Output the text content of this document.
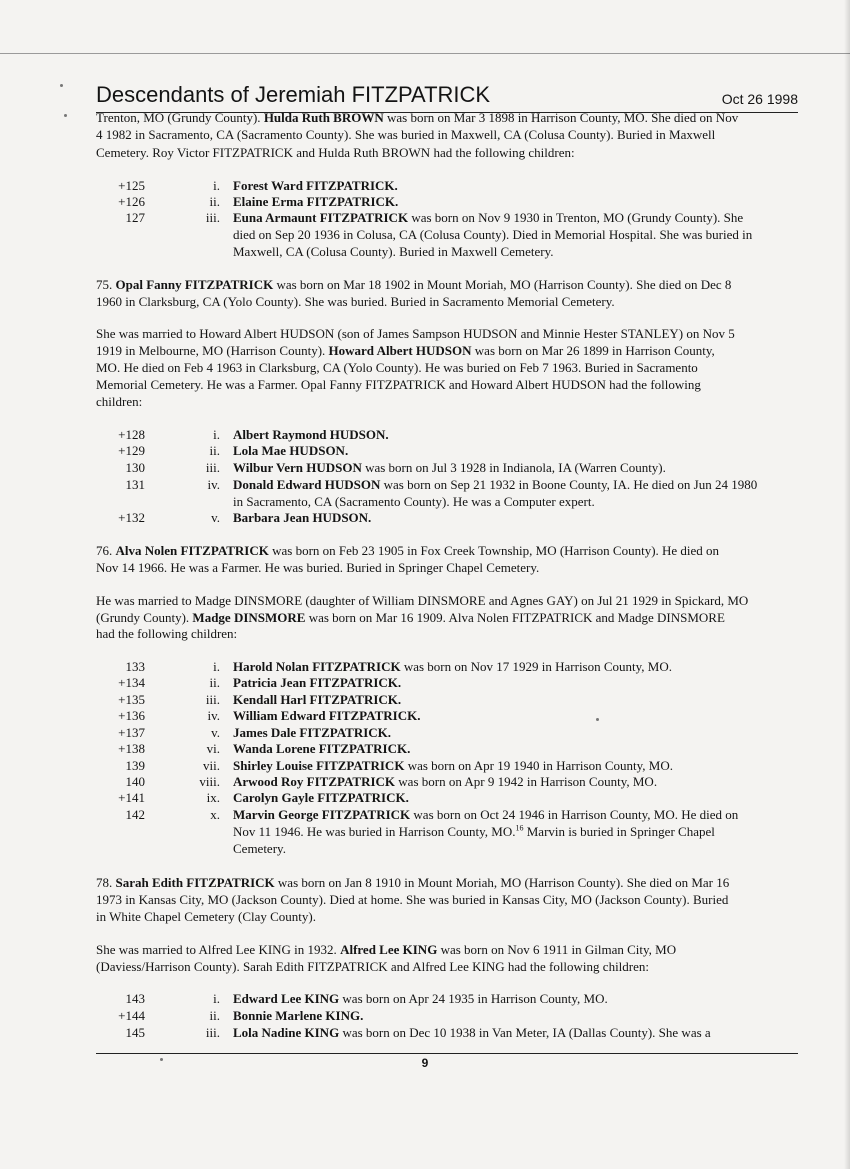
Descendants of Jeremiah FITZPATRICK	Oct 26 1998
Trenton, MO (Grundy County). Hulda Ruth BROWN was born on Mar 3 1898 in Harrison County, MO. She died on Nov
4 1982 in Sacramento, CA (Sacramento County). She was buried in Maxwell, CA (Colusa County). Buried in Maxwell
Cemetery. Roy Victor FITZPATRICK and Hulda Ruth BROWN had the following children:
+125	i. Forest Ward FITZPATRICK.
+126	ii. Elaine Erma FITZPATRICK.
127	iii. Euna Armaunt FITZPATRICK was born on Nov 9 1930 in Trenton, MO (Grundy County). She
died on Sep 20 1936 in Colusa, CA (Colusa County). Died in Memorial Hospital. She was buried in
Maxwell, CA (Colusa County). Buried in Maxwell Cemetery.
75. Opal Fanny FITZPATRICK was born on Mar 18 1902 in Mount Moriah, MO (Harrison County). She died on Dec 8
1960 in Clarksburg, CA (Yolo County). She was buried. Buried in Sacramento Memorial Cemetery.
She was married to Howard Albert HUDSON (son of James Sampson HUDSON and Minnie Hester STANLEY) on Nov 5
1919 in Melbourne, MO (Harrison County). Howard Albert HUDSON was born on Mar 26 1899 in Harrison County,
MO. He died on Feb 4 1963 in Clarksburg, CA (Yolo County). He was buried on Feb 7 1963. Buried in Sacramento
Memorial Cemetery. He was a Farmer. Opal Fanny FITZPATRICK and Howard Albert HUDSON had the following
children:
+128	i. Albert Raymond HUDSON.
+129	ii. Lola Mae HUDSON.
130	iii. Wilbur Vern HUDSON was born on Jul 3 1928 in Indianola, IA (Warren County).
131	iv. Donald Edward HUDSON was born on Sep 21 1932 in Boone County, IA. He died on Jun 24 1980
in Sacramento, CA (Sacramento County). He was a Computer expert.
+132	v. Barbara Jean HUDSON.
76. Alva Nolen FITZPATRICK was born on Feb 23 1905 in Fox Creek Township, MO (Harrison County). He died on
Nov 14 1966. He was a Farmer. He was buried. Buried in Springer Chapel Cemetery.
He was married to Madge DINSMORE (daughter of William DINSMORE and Agnes GAY) on Jul 21 1929 in Spickard, MO
(Grundy County). Madge DINSMORE was born on Mar 16 1909. Alva Nolen FITZPATRICK and Madge DINSMORE
had the following children:
133	i. Harold Nolan FITZPATRICK was born on Nov 17 1929 in Harrison County, MO.
+134	ii. Patricia Jean FITZPATRICK.
+135	iii. Kendall Harl FITZPATRICK.
+136	iv. William Edward FITZPATRICK.
+137	v. James Dale FITZPATRICK.
+138	vi. Wanda Lorene FITZPATRICK.
139	vii. Shirley Louise FITZPATRICK was born on Apr 19 1940 in Harrison County, MO.
140	viii. Arwood Roy FITZPATRICK was born on Apr 9 1942 in Harrison County, MO.
+141	ix. Carolyn Gayle FITZPATRICK.
142	x. Marvin George FITZPATRICK was born on Oct 24 1946 in Harrison County, MO. He died on
Nov 11 1946. He was buried in Harrison County, MO.$^{16}$ Marvin is buried in Springer Chapel
Cemetery.
78. Sarah Edith FITZPATRICK was born on Jan 8 1910 in Mount Moriah, MO (Harrison County). She died on Mar 16
1973 in Kansas City, MO (Jackson County). Died at home. She was buried in Kansas City, MO (Jackson County). Buried
in White Chapel Cemetery (Clay County).
She was married to Alfred Lee KING in 1932. Alfred Lee KING was born on Nov 6 1911 in Gilman City, MO
(Daviess/Harrison County). Sarah Edith FITZPATRICK and Alfred Lee KING had the following children:
143	i. Edward Lee KING was born on Apr 24 1935 in Harrison County, MO.
+144	ii. Bonnie Marlene KING.
145	iii. Lola Nadine KING was born on Dec 10 1938 in Van Meter, IA (Dallas County). She was a
9
